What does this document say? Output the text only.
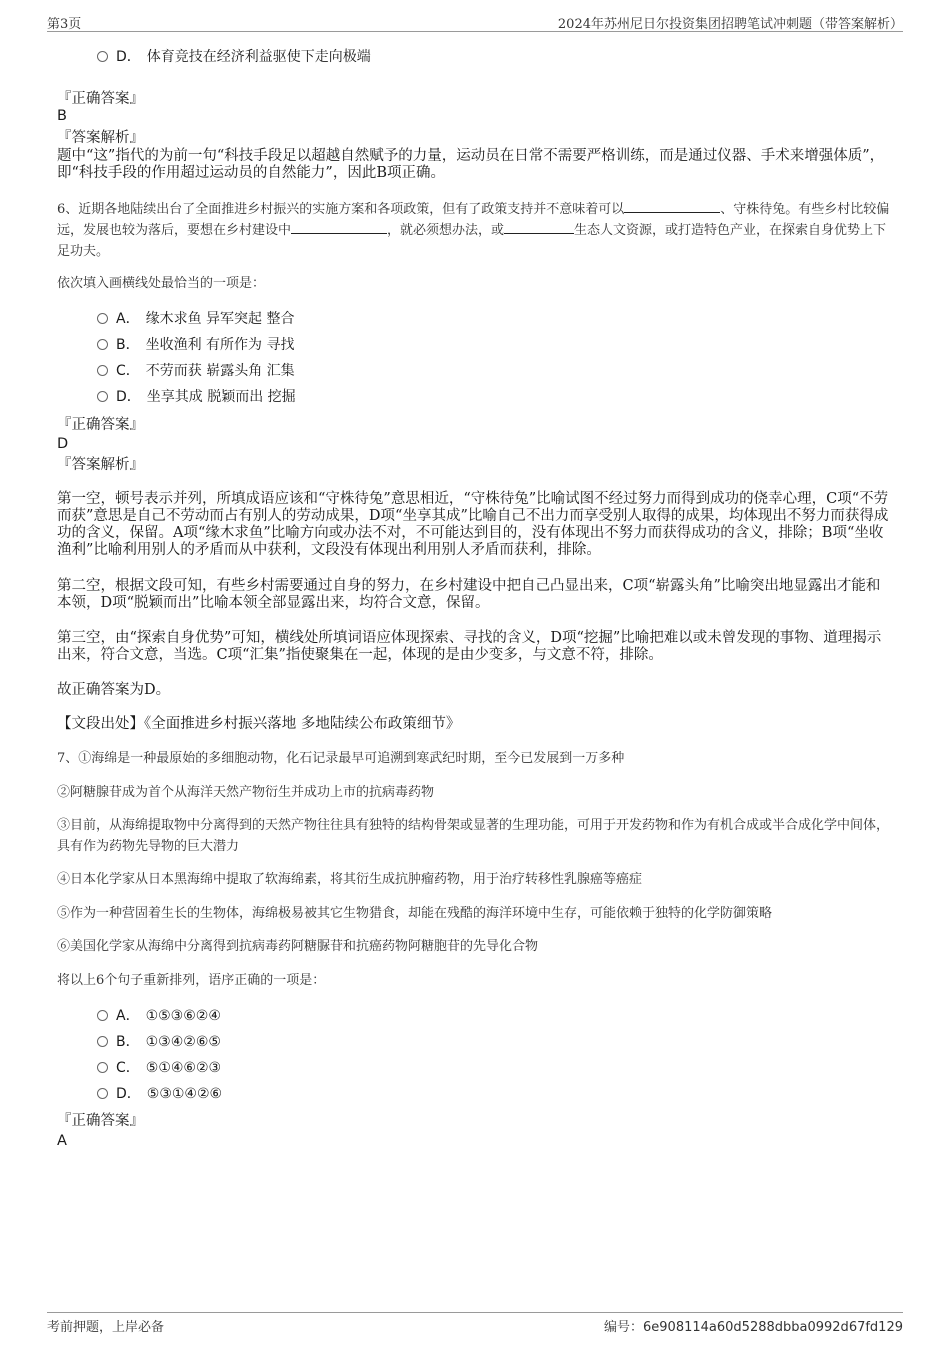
第3页	2024年苏州尼日尔投资集团招聘笔试冲刺题（带答案解析）
D． 体育竞技在经济利益驱使下走向极端
『正确答案』
B
『答案解析』
题中“这”指代的为前一句“科技手段足以超越自然赋予的力量，运动员在日常不需要严格训练，而是通过仪器、手术来增强体质”，即“科技手段的作用超过运动员的自然能力”，因此B项正确。
6、近期各地陆续出台了全面推进乡村振兴的实施方案和各项政策，但有了政策支持并不意味着可以	、守株待兔。有些乡村比较偏远，发展也较为落后，要想在乡村建设中	，就必须想办法，或	生态人文资源，或打造特色产业，在探索自身优势上下足功夫。
依次填入画横线处最恰当的一项是：
A． 缘木求鱼 异军突起 整合
B． 坐收渔利 有所作为 寻找
C． 不劳而获 崭露头角 汇集
D． 坐享其成 脱颖而出 挖掘
『正确答案』
D
『答案解析』
第一空，顿号表示并列，所填成语应该和“守株待兔”意思相近，“守株待兔”比喻试图不经过努力而得到成功的侥幸心理，C项“不劳而获”意思是自己不劳动而占有别人的劳动成果，D项“坐享其成”比喻自己不出力而享受别人取得的成果，均体现出不努力而获得成功的含义，保留。A项“缘木求鱼”比喻方向或办法不对，不可能达到目的，没有体现出不努力而获得成功的含义，排除；B项“坐收渔利”比喻利用别人的矛盾而从中获利，文段没有体现出利用别人矛盾而获利，排除。
第二空，根据文段可知，有些乡村需要通过自身的努力，在乡村建设中把自己凸显出来，C项“崭露头角”比喻突出地显露出才能和本领，D项“脱颖而出”比喻本领全部显露出来，均符合文意，保留。
第三空，由“探索自身优势”可知，横线处所填词语应体现探索、寻找的含义，D项“挖掘”比喻把难以或未曾发现的事物、道理揭示出来，符合文意，当选。C项“汇集”指使聚集在一起，体现的是由少变多，与文意不符，排除。
故正确答案为D。
【文段出处】《全面推进乡村振兴落地 多地陆续公布政策细节》
7、①海绵是一种最原始的多细胞动物，化石记录最早可追溯到寒武纪时期，至今已发展到一万多种
②阿糖腺苷成为首个从海洋天然产物衍生并成功上市的抗病毒药物
③目前，从海绵提取物中分离得到的天然产物往往具有独特的结构骨架或显著的生理功能，可用于开发药物和作为有机合成或半合成化学中间体，具有作为药物先导物的巨大潜力
④日本化学家从日本黑海绵中提取了软海绵素，将其衍生成抗肿瘤药物，用于治疗转移性乳腺癌等癌症
⑤作为一种营固着生长的生物体，海绵极易被其它生物猎食，却能在残酷的海洋环境中生存，可能依赖于独特的化学防御策略
⑥美国化学家从海绵中分离得到抗病毒药阿糖脲苷和抗癌药物阿糖胞苷的先导化合物
将以上6个句子重新排列，语序正确的一项是：
A． ①⑤③⑥②④
B． ①③④②⑥⑤
C． ⑤①④⑥②③
D． ⑤③①④②⑥
『正确答案』
A
考前押题，上岸必备	编号：6e908114a60d5288dbba0992d67fd129
